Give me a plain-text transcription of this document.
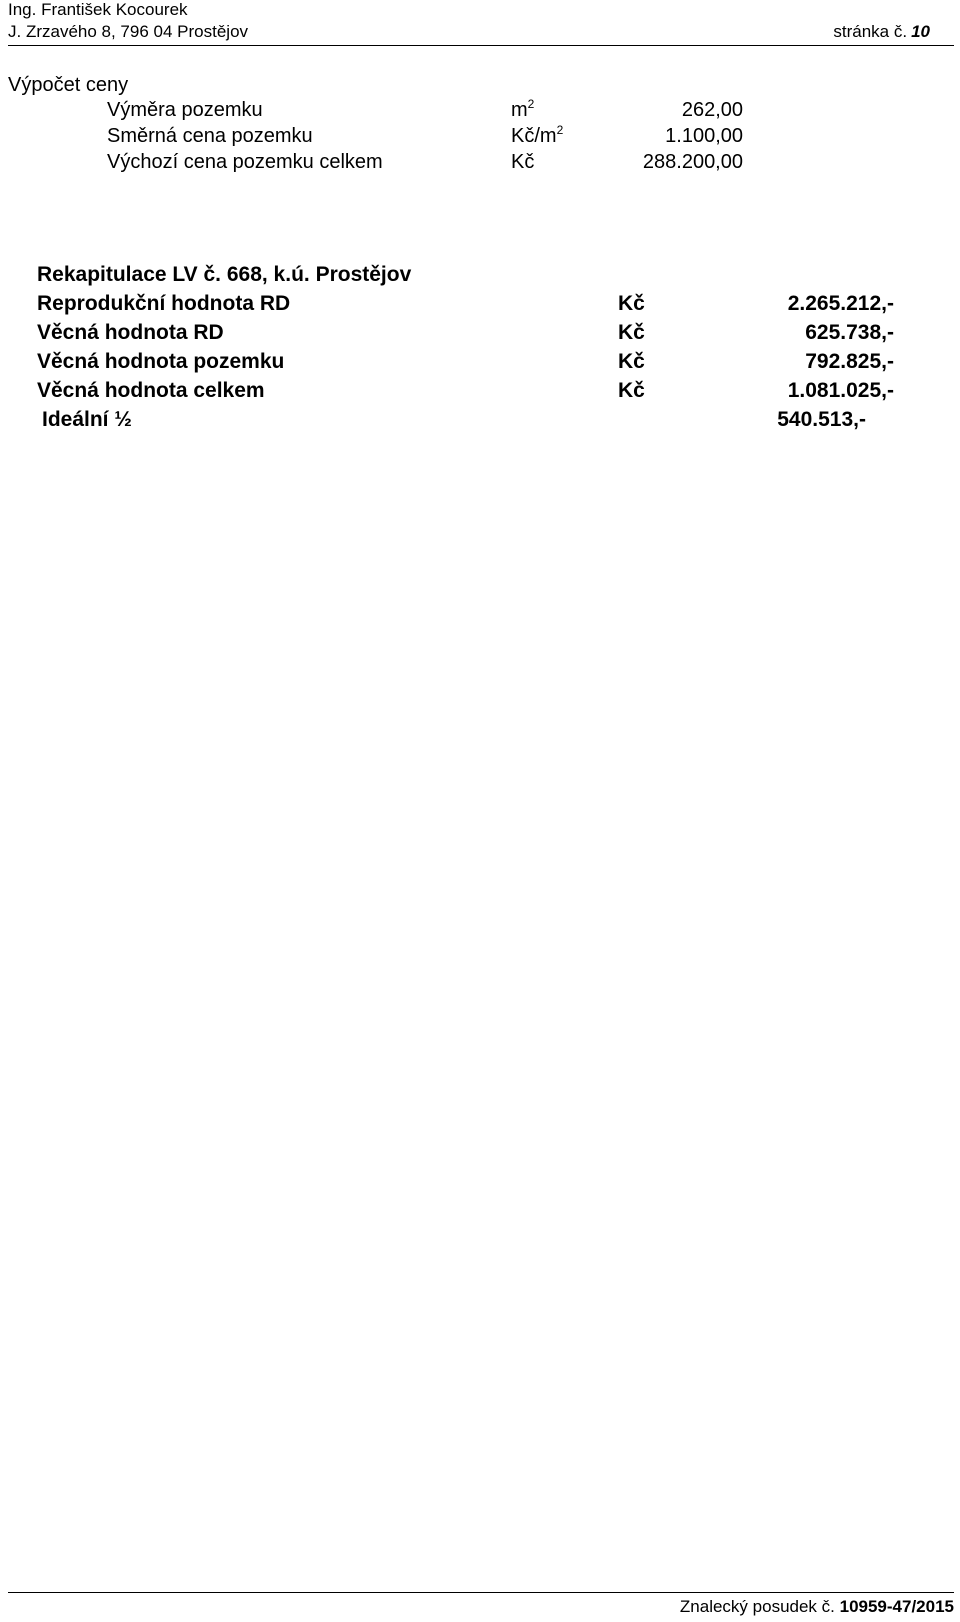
Ing. František Kocourek
J. Zrzavého 8, 796 04 Prostějov	stránka č. 10
Výpočet ceny
Výměra pozemku	$m^2$	262,00
Směrná cena pozemku	$Kč/m^2$	1.100,00
Výchozí cena pozemku celkem	Kč	288.200,00
Rekapitulace LV č. 668, k.ú. Prostějov
Reprodukční hodnota RD	Kč	2.265.212,-
Věcná hodnota RD	Kč	625.738,-
Věcná hodnota pozemku	Kč	792.825,-
Věcná hodnota celkem	Kč	1.081.025,-
Ideální ½	540.513,-
Znalecký posudek č. 10959-47/2015
